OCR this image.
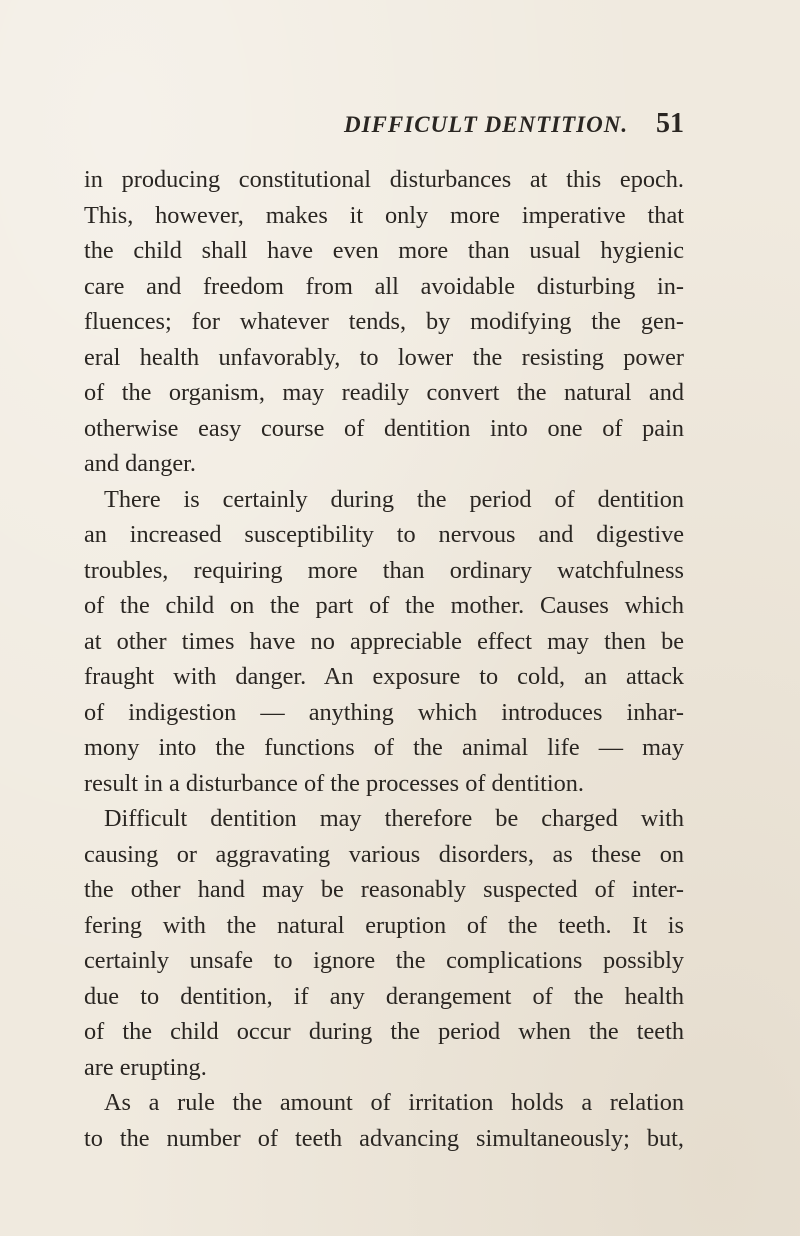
DIFFICULT DENTITION. 51
in producing constitutional disturbances at this epoch.
This, however, makes it only more imperative that
the child shall have even more than usual hygienic
care and freedom from all avoidable disturbing in-
fluences; for whatever tends, by modifying the gen-
eral health unfavorably, to lower the resisting power
of the organism, may readily convert the natural and
otherwise easy course of dentition into one of pain
and danger.
There is certainly during the period of dentition
an increased susceptibility to nervous and digestive
troubles, requiring more than ordinary watchfulness
of the child on the part of the mother. Causes which
at other times have no appreciable effect may then be
fraught with danger. An exposure to cold, an attack
of indigestion — anything which introduces inhar-
mony into the functions of the animal life — may
result in a disturbance of the processes of dentition.
Difficult dentition may therefore be charged with
causing or aggravating various disorders, as these on
the other hand may be reasonably suspected of inter-
fering with the natural eruption of the teeth. It is
certainly unsafe to ignore the complications possibly
due to dentition, if any derangement of the health
of the child occur during the period when the teeth
are erupting.
As a rule the amount of irritation holds a relation
to the number of teeth advancing simultaneously; but,
